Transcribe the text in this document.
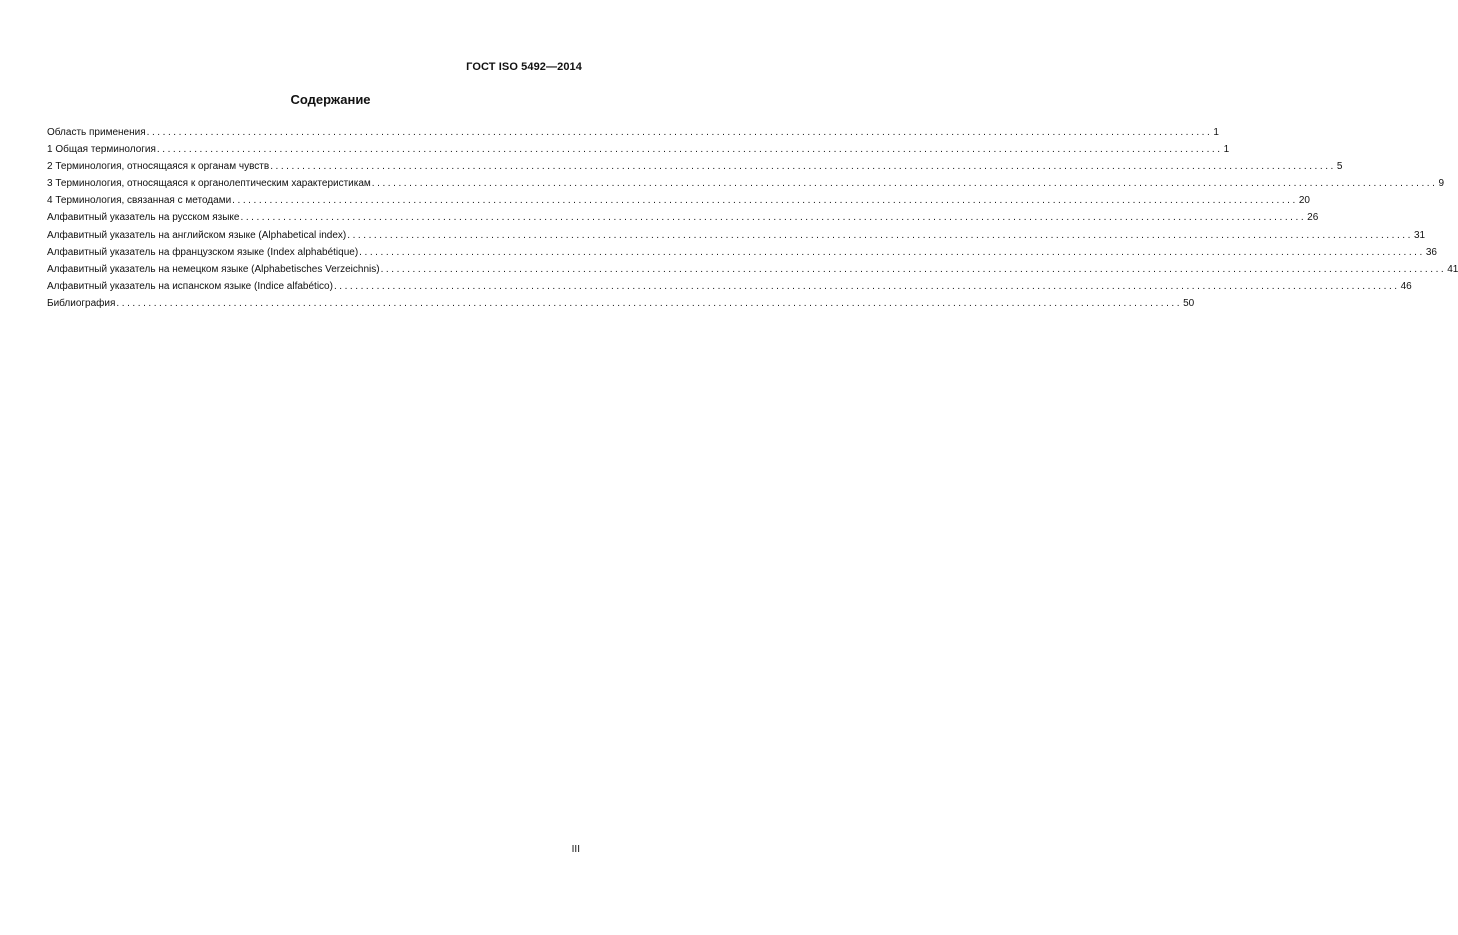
ГОСТ ISO 5492—2014
Содержание
Область применения ........................................................................................................................................................................................................ 1
1 Общая терминология ........................................................................................................................................................................................................ 1
2 Терминология, относящаяся к органам чувств ........................................................................................................................................................................................................ 5
3 Терминология, относящаяся к органолептическим характеристикам ........................................................................................................................................................................................................ 9
4 Терминология, связанная с методами ........................................................................................................................................................................................................ 20
Алфавитный указатель на русском языке ........................................................................................................................................................................................................ 26
Алфавитный указатель на английском языке (Alphabetical index) ........................................................................................................................................................................................................ 31
Алфавитный указатель на французском языке (Index alphabétique) ........................................................................................................................................................................................................ 36
Алфавитный указатель на немецком языке (Alphabetisches Verzeichnis) ........................................................................................................................................................................................................ 41
Алфавитный указатель на испанском языке (Indice alfabético) ........................................................................................................................................................................................................ 46
Библиография ........................................................................................................................................................................................................ 50
III
